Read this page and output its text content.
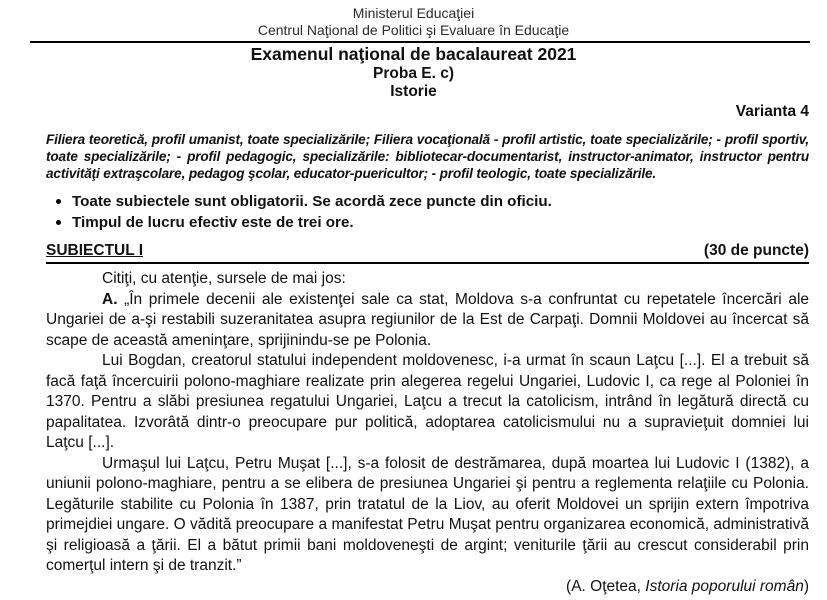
Ministerul Educaţiei
Centrul Naţional de Politici şi Evaluare în Educaţie
Examenul naţional de bacalaureat 2021
Proba E. c)
Istorie
Varianta 4

Filiera teoretică, profil umanist, toate specializările; Filiera vocaţională - profil artistic, toate specializările; - profil sportiv, toate specializările; - profil pedagogic, specializările: bibliotecar-documentarist, instructor-animator, instructor pentru activităţi extraşcolare, pedagog şcolar, educator-puericultor; - profil teologic, toate specializările.

Toate subiectele sunt obligatorii. Se acordă zece puncte din oficiu.
Timpul de lucru efectiv este de trei ore.
SUBIECTUL I	(30 de puncte)

Citiţi, cu atenţie, sursele de mai jos:

A. „În primele decenii ale existenţei sale ca stat, Moldova s-a confruntat cu repetatele încercări ale Ungariei de a-şi restabili suzeranitatea asupra regiunilor de la Est de Carpaţi. Domnii Moldovei au încercat să scape de această ameninţare, sprijinindu-se pe Polonia.

Lui Bogdan, creatorul statului independent moldovenesc, i-a urmat în scaun Laţcu [...]. El a trebuit să facă faţă încercuirii polono-maghiare realizate prin alegerea regelui Ungariei, Ludovic I, ca rege al Poloniei în 1370. Pentru a slăbi presiunea regatului Ungariei, Laţcu a trecut la catolicism, intrând în legătură directă cu papalitatea. Izvorâtă dintr-o preocupare pur politică, adoptarea catolicismului nu a supravieţuit domniei lui Laţcu [...].

Urmaşul lui Laţcu, Petru Muşat [...], s-a folosit de destrămarea, după moartea lui Ludovic I (1382), a uniunii polono-maghiare, pentru a se elibera de presiunea Ungariei şi pentru a reglementa relaţiile cu Polonia. Legăturile stabilite cu Polonia în 1387, prin tratatul de la Liov, au oferit Moldovei un sprijin extern împotriva primejdiei ungare. O vădită preocupare a manifestat Petru Muşat pentru organizarea economică, administrativă şi religioasă a ţării. El a bătut primii bani moldoveneşti de argint; veniturile ţării au crescut considerabil prin comerţul intern şi de tranzit.”

(A. Oţetea, Istoria poporului român)
